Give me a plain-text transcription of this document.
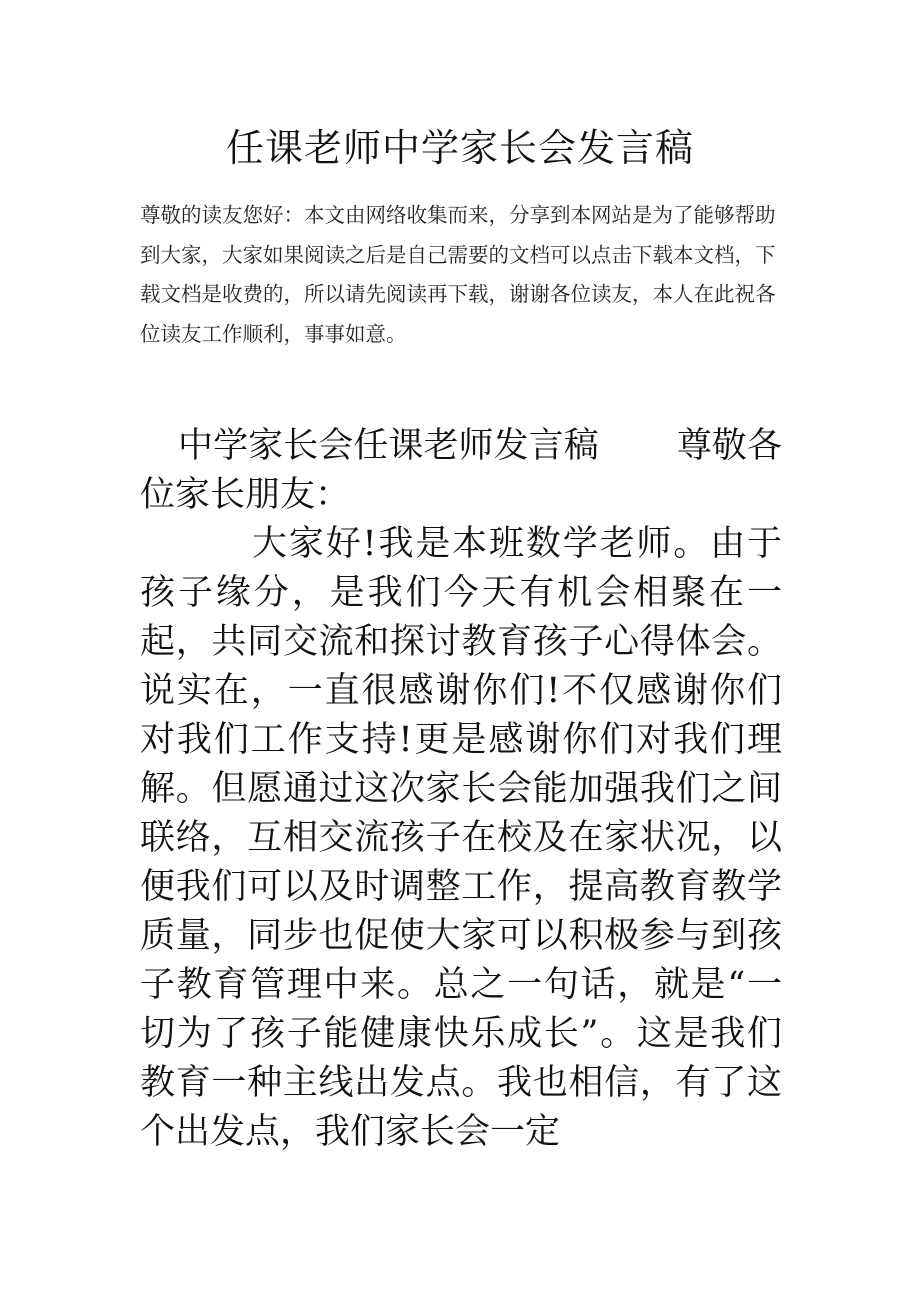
任课老师中学家长会发言稿

尊敬的读友您好：本文由网络收集而来，分享到本网站是为了能够帮助到大家，大家如果阅读之后是自己需要的文档可以点击下载本文档，下载文档是收费的，所以请先阅读再下载，谢谢各位读友，本人在此祝各位读友工作顺利，事事如意。

中学家长会任课老师发言稿 尊敬各位家长朋友：

大家好!我是本班数学老师。由于孩子缘分，是我们今天有机会相聚在一起，共同交流和探讨教育孩子心得体会。说实在，一直很感谢你们!不仅感谢你们对我们工作支持!更是感谢你们对我们理解。但愿通过这次家长会能加强我们之间联络，互相交流孩子在校及在家状况，以便我们可以及时调整工作，提高教育教学质量，同步也促使大家可以积极参与到孩子教育管理中来。总之一句话，就是“一切为了孩子能健康快乐成长”。这是我们教育一种主线出发点。我也相信，有了这个出发点，我们家长会一定
